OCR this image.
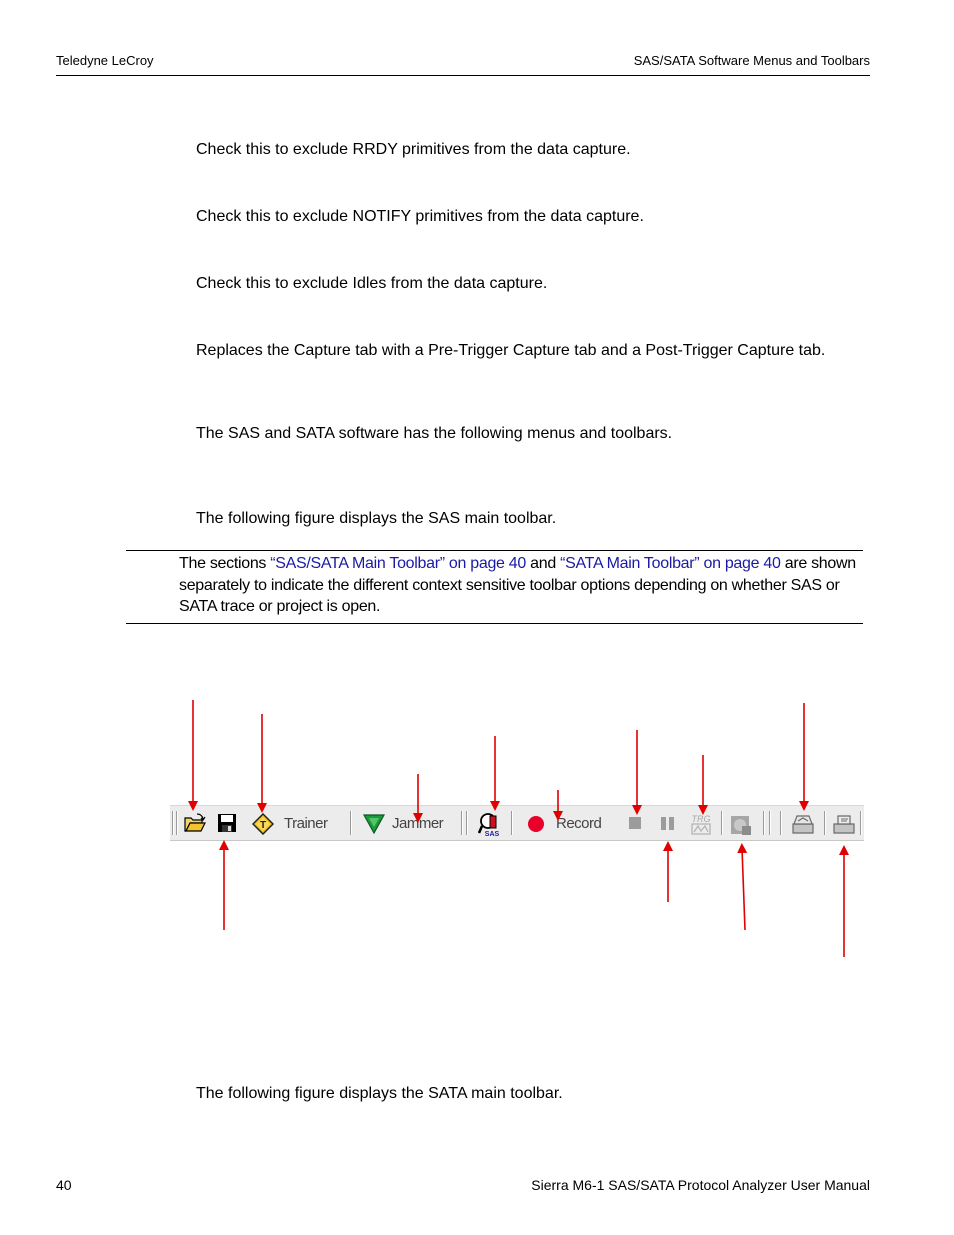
Teledyne LeCroy	SAS/SATA Software Menus and Toolbars
Check this to exclude RRDY primitives from the data capture.
Check this to exclude NOTIFY primitives from the data capture.
Check this to exclude Idles from the data capture.
Replaces the Capture tab with a Pre-Trigger Capture tab and a Post-Trigger Capture tab.
The SAS and SATA software has the following menus and toolbars.
The following figure displays the SAS main toolbar.
The sections “SAS/SATA Main Toolbar” on page 40 and “SATA Main Toolbar” on page 40 are shown separately to indicate the different context sensitive toolbar options depending on whether SAS or SATA trace or project is open.
T Trainer	Jammer
SAS
Record	TRG
The following figure displays the SATA main toolbar.
40	Sierra M6-1 SAS/SATA Protocol Analyzer User Manual
